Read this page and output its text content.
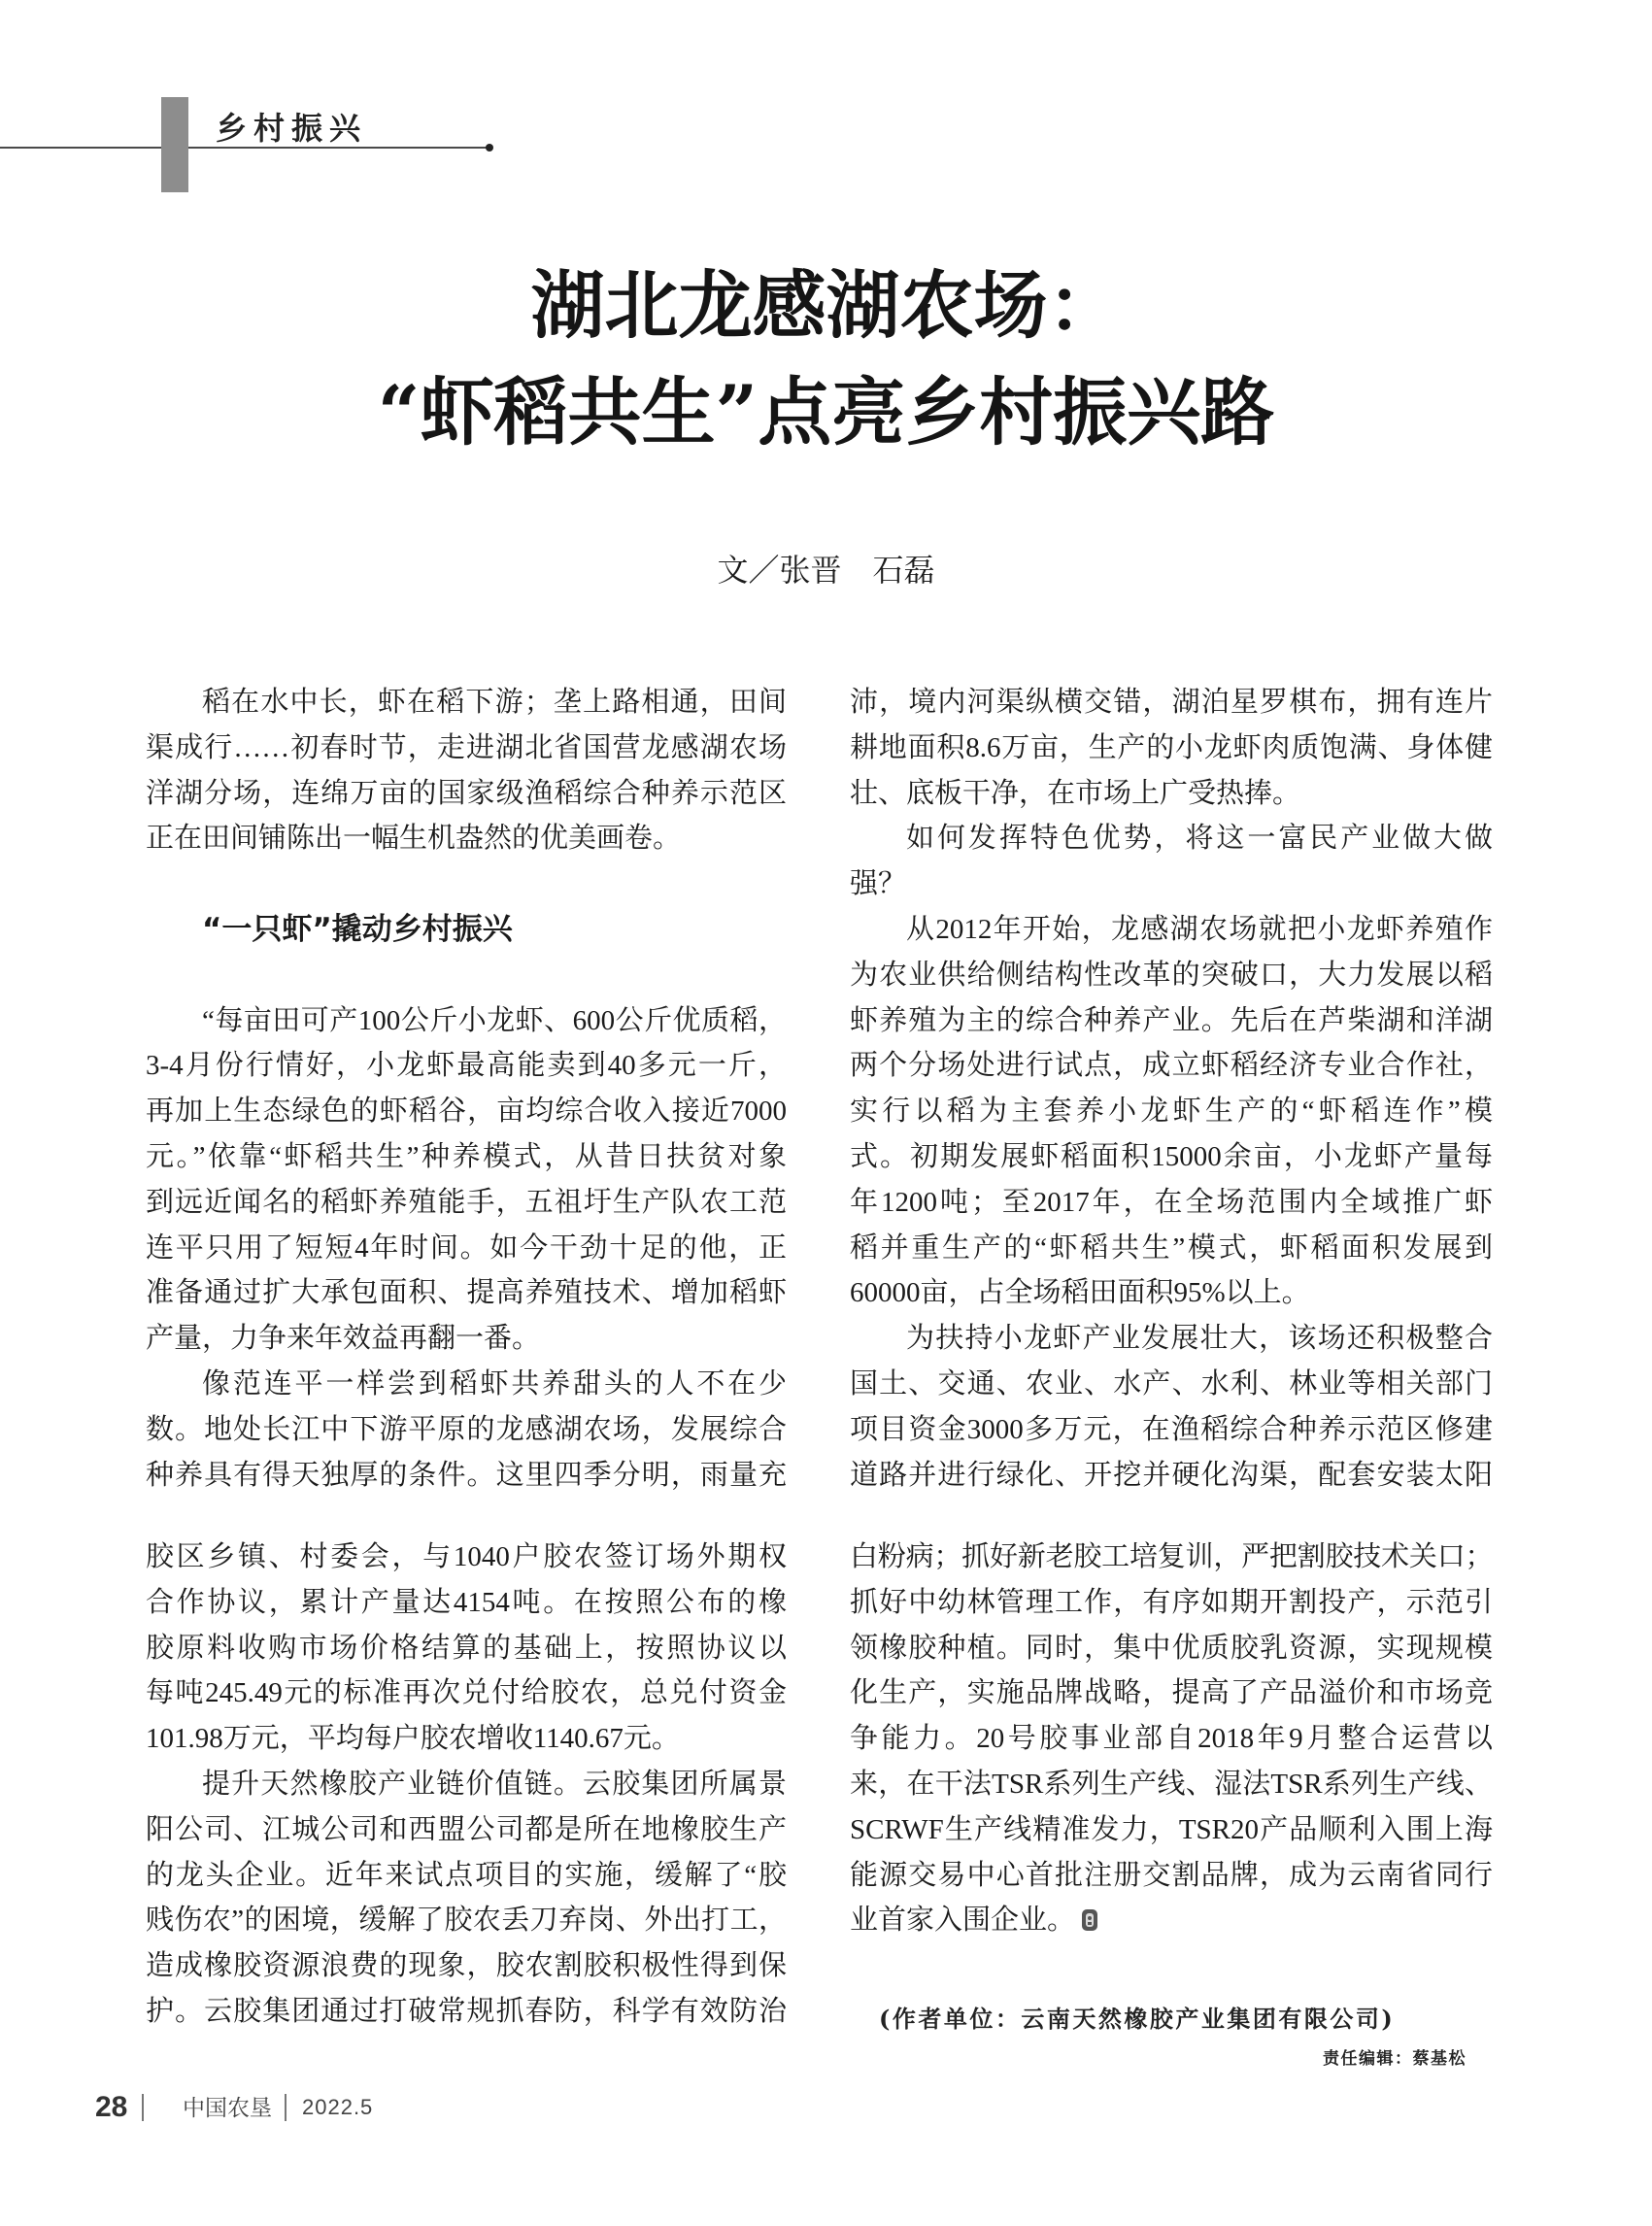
乡村振兴
湖北龙感湖农场：
“虾稻共生”点亮乡村振兴路
文／张晋　石磊
稻在水中长，虾在稻下游；垄上路相通，田间
渠成行……初春时节，走进湖北省国营龙感湖农场
洋湖分场，连绵万亩的国家级渔稻综合种养示范区
正在田间铺陈出一幅生机盎然的优美画卷。
“一只虾”撬动乡村振兴
“每亩田可产100公斤小龙虾、600公斤优质稻，
3-4月份行情好，小龙虾最高能卖到40多元一斤，
再加上生态绿色的虾稻谷，亩均综合收入接近7000
元。”依靠“虾稻共生”种养模式，从昔日扶贫对象
到远近闻名的稻虾养殖能手，五祖圩生产队农工范
连平只用了短短4年时间。如今干劲十足的他，正
准备通过扩大承包面积、提高养殖技术、增加稻虾
产量，力争来年效益再翻一番。
像范连平一样尝到稻虾共养甜头的人不在少
数。地处长江中下游平原的龙感湖农场，发展综合
种养具有得天独厚的条件。这里四季分明，雨量充
沛，境内河渠纵横交错，湖泊星罗棋布，拥有连片
耕地面积8.6万亩，生产的小龙虾肉质饱满、身体健
壮、底板干净，在市场上广受热捧。
如何发挥特色优势，将这一富民产业做大做
强？
从2012年开始，龙感湖农场就把小龙虾养殖作
为农业供给侧结构性改革的突破口，大力发展以稻
虾养殖为主的综合种养产业。先后在芦柴湖和洋湖
两个分场处进行试点，成立虾稻经济专业合作社，
实行以稻为主套养小龙虾生产的“虾稻连作”模
式。初期发展虾稻面积15000余亩，小龙虾产量每
年1200吨；至2017年，在全场范围内全域推广虾
稻并重生产的“虾稻共生”模式，虾稻面积发展到
60000亩，占全场稻田面积95%以上。
为扶持小龙虾产业发展壮大，该场还积极整合
国土、交通、农业、水产、水利、林业等相关部门
项目资金3000多万元，在渔稻综合种养示范区修建
道路并进行绿化、开挖并硬化沟渠，配套安装太阳
胶区乡镇、村委会，与1040户胶农签订场外期权
合作协议，累计产量达4154吨。在按照公布的橡
胶原料收购市场价格结算的基础上，按照协议以
每吨245.49元的标准再次兑付给胶农，总兑付资金
101.98万元，平均每户胶农增收1140.67元。
提升天然橡胶产业链价值链。云胶集团所属景
阳公司、江城公司和西盟公司都是所在地橡胶生产
的龙头企业。近年来试点项目的实施，缓解了“胶
贱伤农”的困境，缓解了胶农丢刀弃岗、外出打工，
造成橡胶资源浪费的现象，胶农割胶积极性得到保
护。云胶集团通过打破常规抓春防，科学有效防治
白粉病；抓好新老胶工培复训，严把割胶技术关口；
抓好中幼林管理工作，有序如期开割投产，示范引
领橡胶种植。同时，集中优质胶乳资源，实现规模
化生产，实施品牌战略，提高了产品溢价和市场竞
争能力。20号胶事业部自2018年9月整合运营以
来，在干法TSR系列生产线、湿法TSR系列生产线、
SCRWF生产线精准发力，TSR20产品顺利入围上海
能源交易中心首批注册交割品牌，成为云南省同行
业首家入围企业。
(作者单位：云南天然橡胶产业集团有限公司)
责任编辑：蔡基松
28 中国农垦 2022.5
